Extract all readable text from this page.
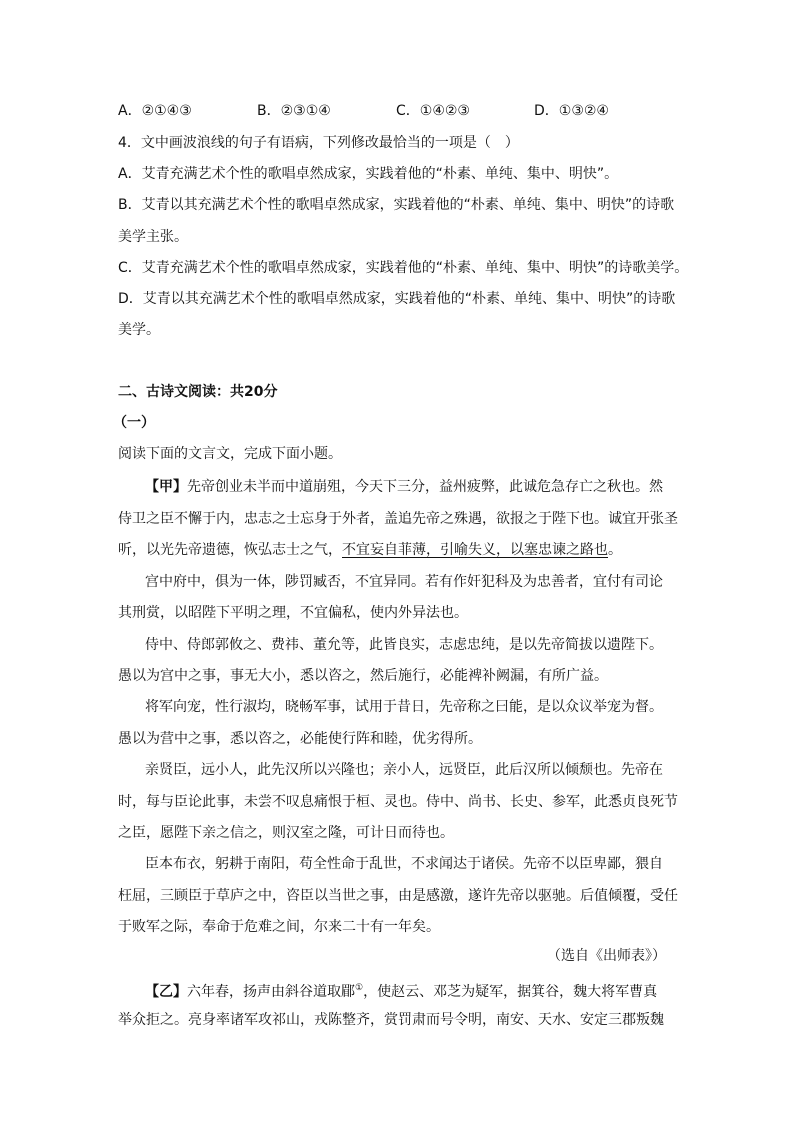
A．②①④③	B．②③①④	C．①④②③	D．①③②④
4．文中画波浪线的句子有语病，下列修改最恰当的一项是（　）
A．艾青充满艺术个性的歌唱卓然成家，实践着他的“朴素、单纯、集中、明快”。
B．艾青以其充满艺术个性的歌唱卓然成家，实践着他的“朴素、单纯、集中、明快”的诗歌
美学主张。
C．艾青充满艺术个性的歌唱卓然成家，实践着他的“朴素、单纯、集中、明快”的诗歌美学。
D．艾青以其充满艺术个性的歌唱卓然成家，实践着他的“朴素、单纯、集中、明快”的诗歌
美学。
二、古诗文阅读：共20分
（一）
阅读下面的文言文，完成下面小题。
【甲】先帝创业未半而中道崩殂，今天下三分，益州疲弊，此诚危急存亡之秋也。然
侍卫之臣不懈于内，忠志之士忘身于外者，盖追先帝之殊遇，欲报之于陛下也。诚宜开张圣
听，以光先帝遗德，恢弘志士之气，不宜妄自菲薄，引喻失义，以塞忠谏之路也。
宫中府中，俱为一体，陟罚臧否，不宜异同。若有作奸犯科及为忠善者，宜付有司论
其刑赏，以昭陛下平明之理，不宜偏私，使内外异法也。
侍中、侍郎郭攸之、费祎、董允等，此皆良实，志虑忠纯，是以先帝简拔以遗陛下。
愚以为宫中之事，事无大小，悉以咨之，然后施行，必能裨补阙漏，有所广益。
将军向宠，性行淑均，晓畅军事，试用于昔日，先帝称之曰能，是以众议举宠为督。
愚以为营中之事，悉以咨之，必能使行阵和睦，优劣得所。
亲贤臣，远小人，此先汉所以兴隆也；亲小人，远贤臣，此后汉所以倾颓也。先帝在
时，每与臣论此事，未尝不叹息痛恨于桓、灵也。侍中、尚书、长史、参军，此悉贞良死节
之臣，愿陛下亲之信之，则汉室之隆，可计日而待也。
臣本布衣，躬耕于南阳，苟全性命于乱世，不求闻达于诸侯。先帝不以臣卑鄙，猥自
枉屈，三顾臣于草庐之中，咨臣以当世之事，由是感激，遂许先帝以驱驰。后值倾覆，受任
于败军之际，奉命于危难之间，尔来二十有一年矣。
（选自《出师表》）
【乙】六年春，扬声由斜谷道取郿①，使赵云、邓芝为疑军，据箕谷，魏大将军曹真
举众拒之。亮身率诸军攻祁山，戎陈整齐，赏罚肃而号令明，南安、天水、安定三郡叛魏
